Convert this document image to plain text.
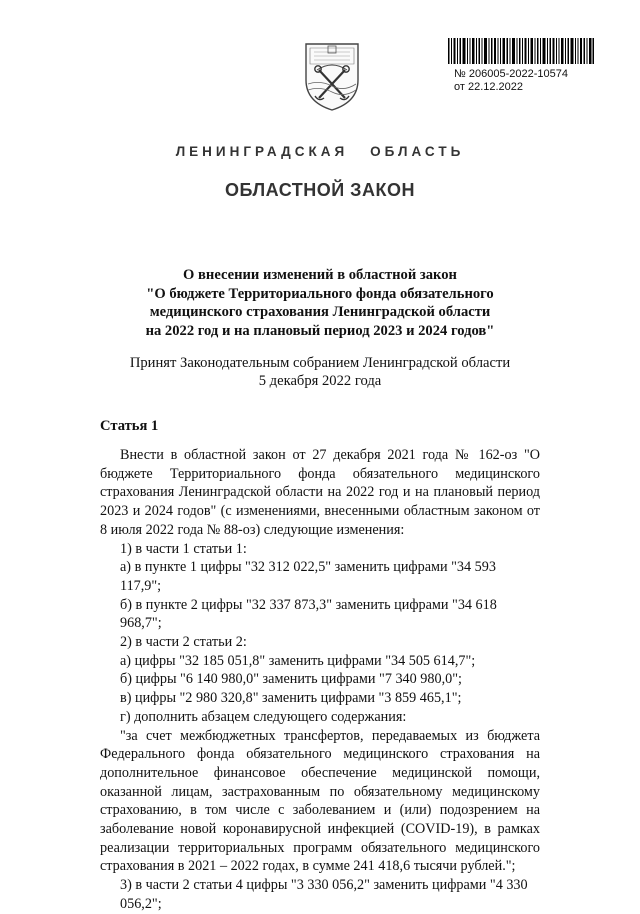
№ 206005-2022-10574
от 22.12.2022
ЛЕНИНГРАДСКАЯ ОБЛАСТЬ
ОБЛАСТНОЙ ЗАКОН
О внесении изменений в областной закон
"О бюджете Территориального фонда обязательного
медицинского страхования Ленинградской области
на 2022 год и на плановый период 2023 и 2024 годов"
Принят Законодательным собранием Ленинградской области
5 декабря 2022 года
Статья 1

Внести в областной закон от 27 декабря 2021 года № 162-оз "О бюджете Территориального фонда обязательного медицинского страхования Ленинградской области на 2022 год и на плановый период 2023 и 2024 годов" (с изменениями, внесенными областным законом от 8 июля 2022 года № 88-оз) следующие изменения:

1) в части 1 статьи 1:

а) в пункте 1 цифры "32 312 022,5" заменить цифрами "34 593 117,9";

б) в пункте 2 цифры "32 337 873,3" заменить цифрами "34 618 968,7";

2) в части 2 статьи 2:

а) цифры "32 185 051,8" заменить цифрами "34 505 614,7";

б) цифры "6 140 980,0" заменить цифрами "7 340 980,0";

в) цифры "2 980 320,8" заменить цифрами "3 859 465,1";

г) дополнить абзацем следующего содержания:

"за счет межбюджетных трансфертов, передаваемых из бюджета Федерального фонда обязательного медицинского страхования на дополнительное финансовое обеспечение медицинской помощи, оказанной лицам, застрахованным по обязательному медицинскому страхованию, в том числе с заболеванием и (или) подозрением на заболевание новой коронавирусной инфекцией (COVID-19), в рамках реализации территориальных программ обязательного медицинского страхования в 2021 – 2022 годах, в сумме 241 418,6 тысячи рублей.";

3) в части 2 статьи 4 цифры "3 330 056,2" заменить цифрами "4 330 056,2";
